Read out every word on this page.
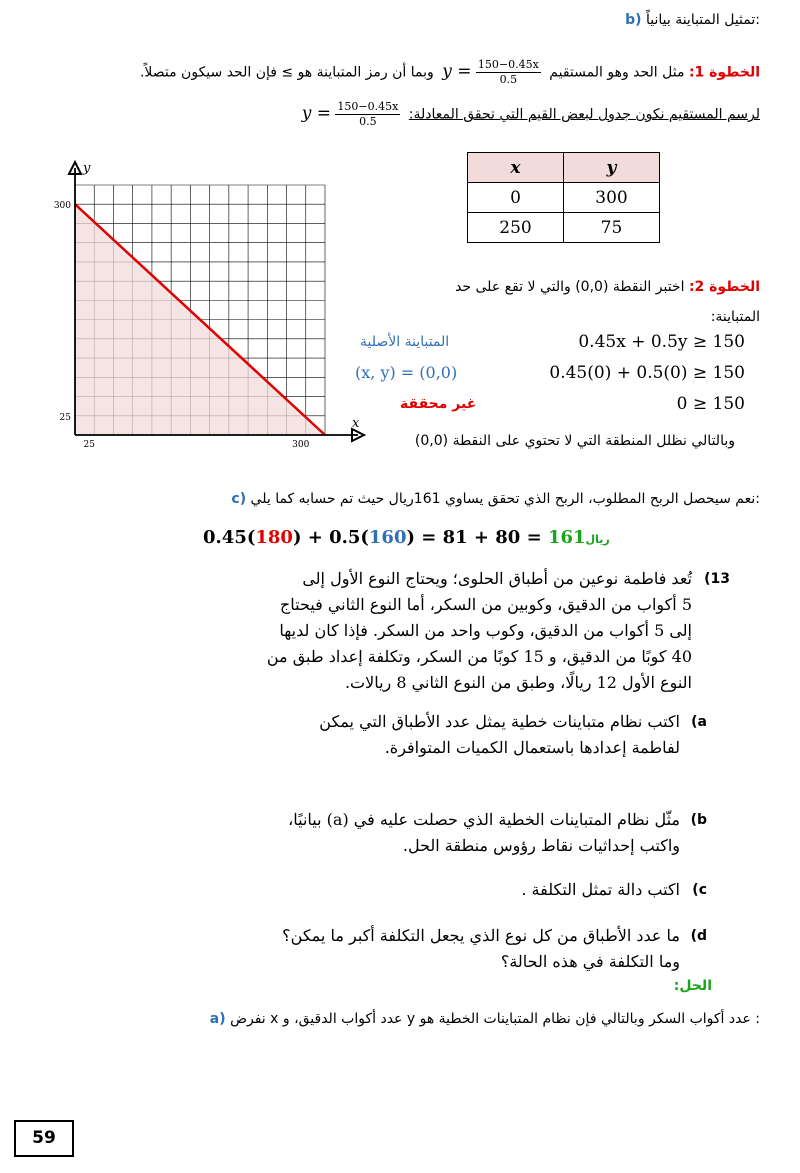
b) تمثيل المتباينة بيانياً:
الخطوة 1: مثل الحد وهو المستقيم $y = \frac{150-0.45x}{0.5}$
وبما أن رمز المتباينة هو ≥ فإن الحد سيكون متصلاً.
لرسم المستقيم نكون جدول لبعض القيم التي تحقق المعادلة: $y = \frac{150-0.45x}{0.5}$
x	y
0	300
250	75
y
x
300
25
25	300
الخطوة 2: اختبر النقطة (0,0) والتي لا تقع على حد
المتباينة:
0.45x + 0.5y ≥ 150
المتباينة الأصلية
0.45(0) + 0.5(0) ≥ 150
(x, y) = (0,0)
0 ≥ 150
غير محققة
وبالتالي نظلل المنطقة التي لا تحتوي على النقطة (0,0)
c) نعم سيحصل الربح المطلوب، الربح الذي تحقق يساوي 161ريال حيث تم حسابه كما يلي:
0.45(180) + 0.5(160) = 81 + 80 = 161ريال
13)
تُعد فاطمة نوعين من أطباق الحلوى؛ ويحتاج النوع الأول إلى
5 أكواب من الدقيق، وكوبين من السكر، أما النوع الثاني فيحتاج
إلى 5 أكواب من الدقيق، وكوب واحد من السكر. فإذا كان لديها
40 كوبًا من الدقيق، و 15 كوبًا من السكر، وتكلفة إعداد طبق من
النوع الأول 12 ريالًا، وطبق من النوع الثاني 8 ريالات.
a)
اكتب نظام متباينات خطية يمثل عدد الأطباق التي يمكن
لفاطمة إعدادها باستعمال الكميات المتوافرة.
b)
مثّل نظام المتباينات الخطية الذي حصلت عليه في (a) بيانيًا،
واكتب إحداثيات نقاط رؤوس منطقة الحل.
c)
اكتب دالة تمثل التكلفة .
d)
ما عدد الأطباق من كل نوع الذي يجعل التكلفة أكبر ما يمكن؟
وما التكلفة في هذه الحالة؟
الحل:
a) نفرض x عدد أكواب الدقيق، و y عدد أكواب السكر وبالتالي فإن نظام المتباينات الخطية هو :
59
